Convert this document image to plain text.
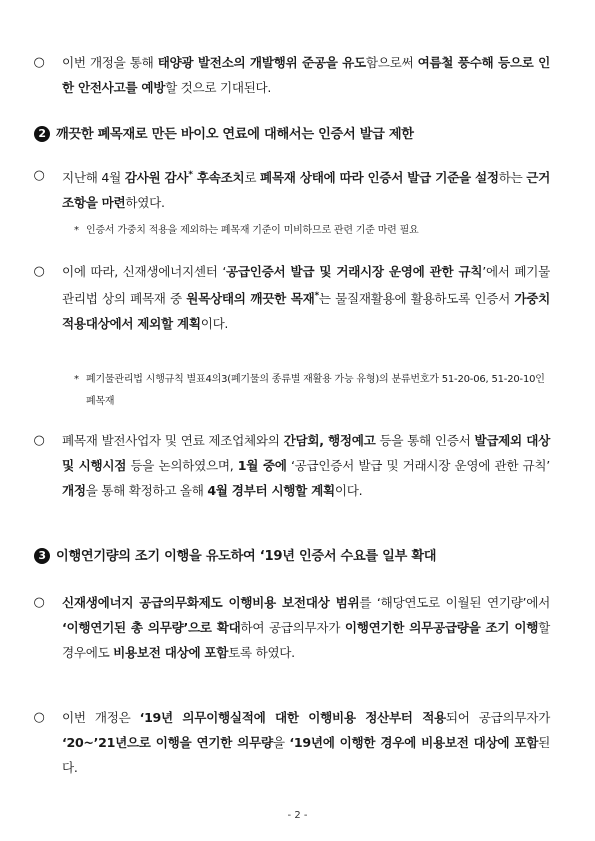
○ 이번 개정을 통해 태양광 발전소의 개발행위 준공을 유도함으로써 여름철 풍수해 등으로 인한 안전사고를 예방할 것으로 기대된다.
2 깨끗한 폐목재로 만든 바이오 연료에 대해서는 인증서 발급 제한
○ 지난해 4월 감사원 감사* 후속조치로 폐목재 상태에 따라 인증서 발급 기준을 설정하는 근거조항을 마련하였다.
* 인증서 가중치 적용을 제외하는 폐목재 기준이 미비하므로 관련 기준 마련 필요
○ 이에 따라, 신재생에너지센터 ‘공급인증서 발급 및 거래시장 운영에 관한 규칙’에서 폐기물관리법 상의 폐목재 중 원목상태의 깨끗한 목재*는 물질재활용에 활용하도록 인증서 가중치 적용대상에서 제외할 계획이다.
* 폐기물관리법 시행규칙 별표4의3(폐기물의 종류별 재활용 가능 유형)의 분류번호가 51-20-06, 51-20-10인 폐목재
○ 폐목재 발전사업자 및 연료 제조업체와의 간담회, 행정예고 등을 통해 인증서 발급제외 대상 및 시행시점 등을 논의하였으며, 1월 중에 ‘공급인증서 발급 및 거래시장 운영에 관한 규칙’ 개정을 통해 확정하고 올해 4월 경부터 시행할 계획이다.
3 이행연기량의 조기 이행을 유도하여 ‘19년 인증서 수요를 일부 확대
○ 신재생에너지 공급의무화제도 이행비용 보전대상 범위를 ‘해당연도로 이월된 연기량’에서 ‘이행연기된 총 의무량’으로 확대하여 공급의무자가 이행연기한 의무공급량을 조기 이행할 경우에도 비용보전 대상에 포함토록 하였다.
○ 이번 개정은 ‘19년 의무이행실적에 대한 이행비용 정산부터 적용되어 공급의무자가 ‘20~’21년으로 이행을 연기한 의무량을 ‘19년에 이행한 경우에 비용보전 대상에 포함된다.
- 2 -
